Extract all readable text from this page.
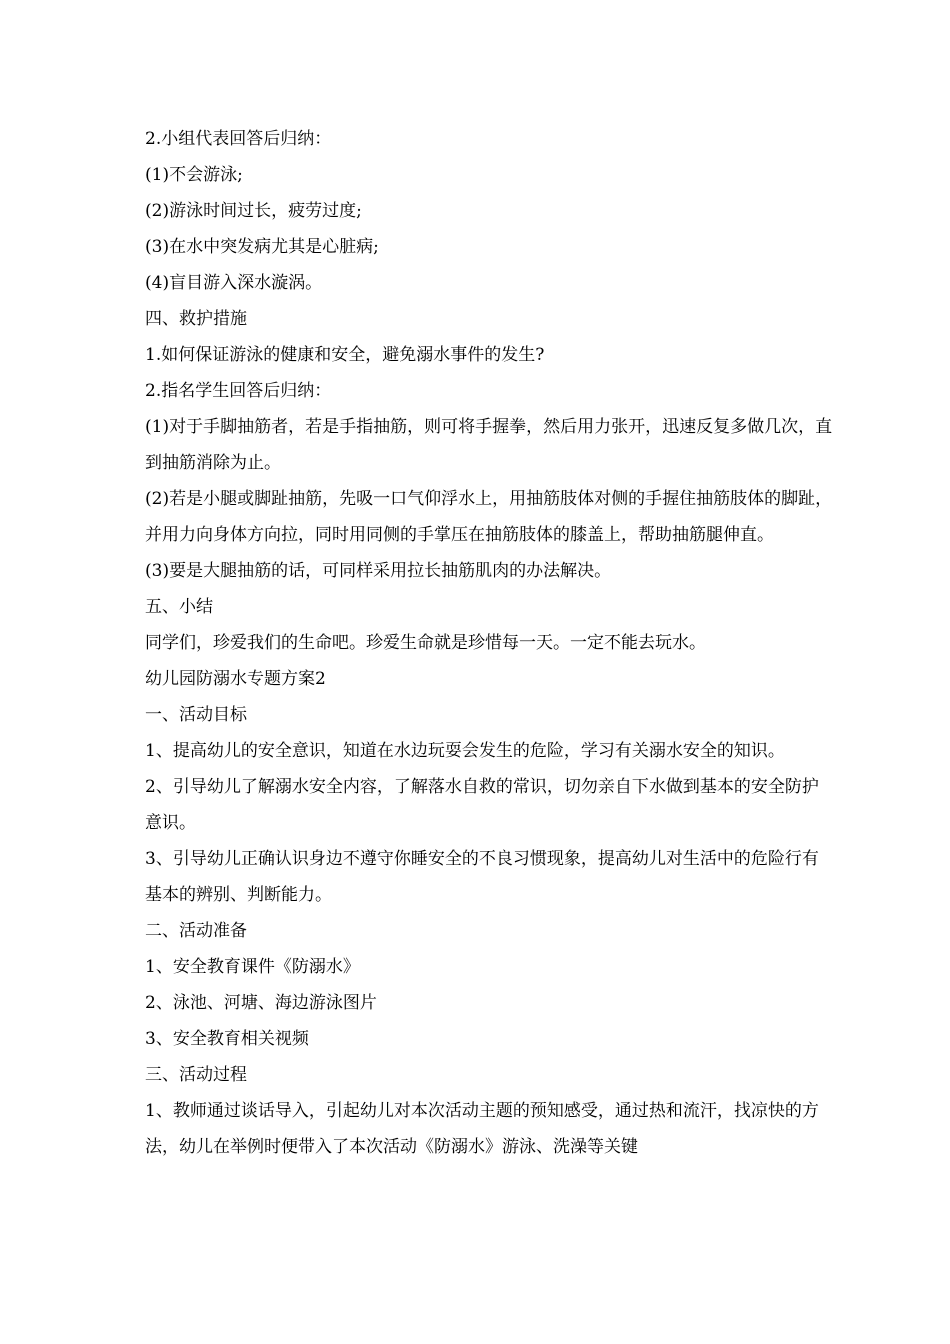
2.小组代表回答后归纳：

(1)不会游泳;

(2)游泳时间过长，疲劳过度;

(3)在水中突发病尤其是心脏病;

(4)盲目游入深水漩涡。

四、救护措施

1.如何保证游泳的健康和安全，避免溺水事件的发生?

2.指名学生回答后归纳：

(1)对于手脚抽筋者，若是手指抽筋，则可将手握拳，然后用力张开，迅速反复多做几次，直到抽筋消除为止。

(2)若是小腿或脚趾抽筋，先吸一口气仰浮水上，用抽筋肢体对侧的手握住抽筋肢体的脚趾，并用力向身体方向拉，同时用同侧的手掌压在抽筋肢体的膝盖上，帮助抽筋腿伸直。

(3)要是大腿抽筋的话，可同样采用拉长抽筋肌肉的办法解决。

五、小结

同学们，珍爱我们的生命吧。珍爱生命就是珍惜每一天。一定不能去玩水。

幼儿园防溺水专题方案2

一、活动目标

1、提高幼儿的安全意识，知道在水边玩耍会发生的危险，学习有关溺水安全的知识。

2、引导幼儿了解溺水安全内容，了解落水自救的常识，切勿亲自下水做到基本的安全防护意识。

3、引导幼儿正确认识身边不遵守你睡安全的不良习惯现象，提高幼儿对生活中的危险行有基本的辨别、判断能力。

二、活动准备

1、安全教育课件《防溺水》

2、泳池、河塘、海边游泳图片

3、安全教育相关视频

三、活动过程

1、教师通过谈话导入，引起幼儿对本次活动主题的预知感受，通过热和流汗，找凉快的方法，幼儿在举例时便带入了本次活动《防溺水》游泳、洗澡等关键
